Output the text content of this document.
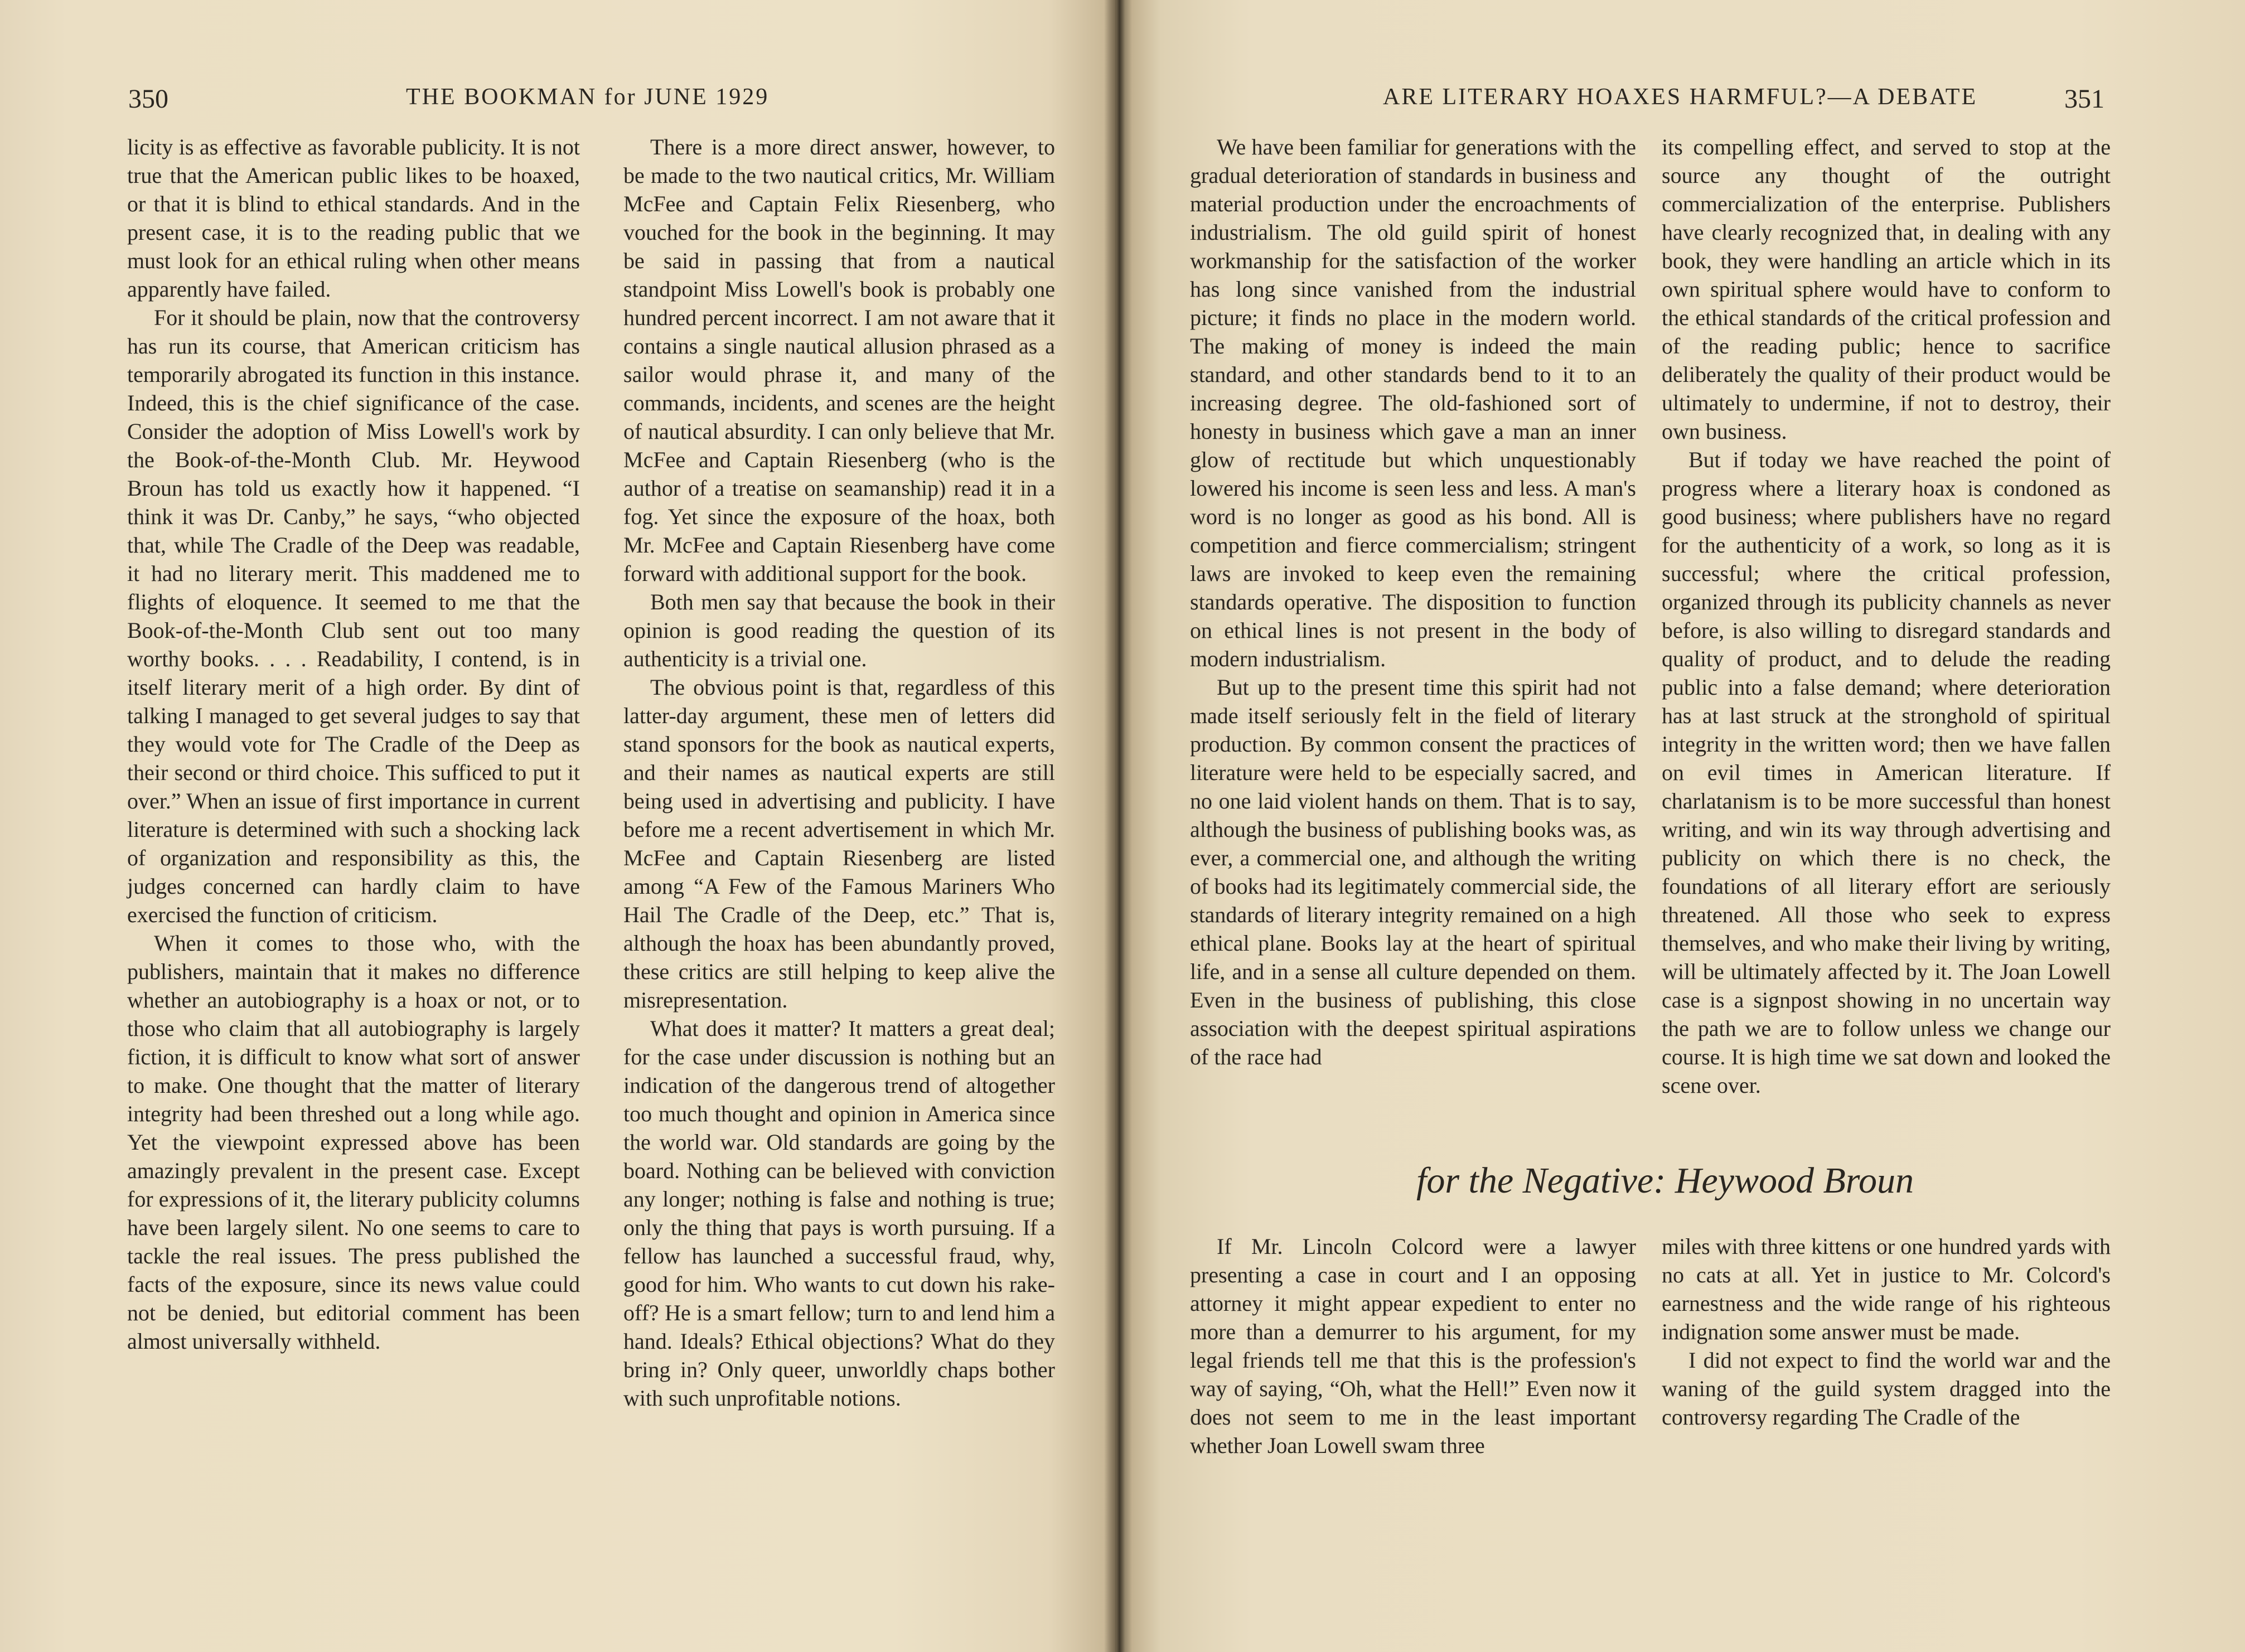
350	THE BOOKMAN for JUNE 1929

licity is as effective as favorable publicity. It is not true that the American public likes to be hoaxed, or that it is blind to ethical standards. And in the present case, it is to the reading public that we must look for an ethical ruling when other means apparently have failed.

For it should be plain, now that the controversy has run its course, that American criticism has temporarily abrogated its function in this instance. Indeed, this is the chief significance of the case. Consider the adoption of Miss Lowell's work by the Book-of-the-Month Club. Mr. Heywood Broun has told us exactly how it happened. “I think it was Dr. Canby,” he says, “who objected that, while The Cradle of the Deep was readable, it had no literary merit. This maddened me to flights of eloquence. It seemed to me that the Book-of-the-Month Club sent out too many worthy books. . . . Readability, I contend, is in itself literary merit of a high order. By dint of talking I managed to get several judges to say that they would vote for The Cradle of the Deep as their second or third choice. This sufficed to put it over.” When an issue of first importance in current literature is determined with such a shocking lack of organization and responsibility as this, the judges concerned can hardly claim to have exercised the function of criticism.

When it comes to those who, with the publishers, maintain that it makes no difference whether an autobiography is a hoax or not, or to those who claim that all autobiography is largely fiction, it is difficult to know what sort of answer to make. One thought that the matter of literary integrity had been threshed out a long while ago. Yet the viewpoint expressed above has been amazingly prevalent in the present case. Except for expressions of it, the literary publicity columns have been largely silent. No one seems to care to tackle the real issues. The press published the facts of the exposure, since its news value could not be denied, but editorial comment has been almost universally withheld.

There is a more direct answer, however, to be made to the two nautical critics, Mr. William McFee and Captain Felix Riesenberg, who vouched for the book in the beginning. It may be said in passing that from a nautical standpoint Miss Lowell's book is probably one hundred percent incorrect. I am not aware that it contains a single nautical allusion phrased as a sailor would phrase it, and many of the commands, incidents, and scenes are the height of nautical absurdity. I can only believe that Mr. McFee and Captain Riesenberg (who is the author of a treatise on seamanship) read it in a fog. Yet since the exposure of the hoax, both Mr. McFee and Captain Riesenberg have come forward with additional support for the book.

Both men say that because the book in their opinion is good reading the question of its authenticity is a trivial one.

The obvious point is that, regardless of this latter-day argument, these men of letters did stand sponsors for the book as nautical experts, and their names as nautical experts are still being used in advertising and publicity. I have before me a recent advertisement in which Mr. McFee and Captain Riesenberg are listed among “A Few of the Famous Mariners Who Hail The Cradle of the Deep, etc.” That is, although the hoax has been abundantly proved, these critics are still helping to keep alive the misrepresentation.

What does it matter? It matters a great deal; for the case under discussion is nothing but an indication of the dangerous trend of altogether too much thought and opinion in America since the world war. Old standards are going by the board. Nothing can be believed with conviction any longer; nothing is false and nothing is true; only the thing that pays is worth pursuing. If a fellow has launched a successful fraud, why, good for him. Who wants to cut down his rake-off? He is a smart fellow; turn to and lend him a hand. Ideals? Ethical objections? What do they bring in? Only queer, unworldly chaps bother with such unprofitable notions.

ARE LITERARY HOAXES HARMFUL?—A DEBATE	351

We have been familiar for generations with the gradual deterioration of standards in business and material production under the encroachments of industrialism. The old guild spirit of honest workmanship for the satisfaction of the worker has long since vanished from the industrial picture; it finds no place in the modern world. The making of money is indeed the main standard, and other standards bend to it to an increasing degree. The old-fashioned sort of honesty in business which gave a man an inner glow of rectitude but which unquestionably lowered his income is seen less and less. A man's word is no longer as good as his bond. All is competition and fierce commercialism; stringent laws are invoked to keep even the remaining standards operative. The disposition to function on ethical lines is not present in the body of modern industrialism.

But up to the present time this spirit had not made itself seriously felt in the field of literary production. By common consent the practices of literature were held to be especially sacred, and no one laid violent hands on them. That is to say, although the business of publishing books was, as ever, a commercial one, and although the writing of books had its legitimately commercial side, the standards of literary integrity remained on a high ethical plane. Books lay at the heart of spiritual life, and in a sense all culture depended on them. Even in the business of publishing, this close association with the deepest spiritual aspirations of the race had

its compelling effect, and served to stop at the source any thought of the outright commercialization of the enterprise. Publishers have clearly recognized that, in dealing with any book, they were handling an article which in its own spiritual sphere would have to conform to the ethical standards of the critical profession and of the reading public; hence to sacrifice deliberately the quality of their product would be ultimately to undermine, if not to destroy, their own business.

But if today we have reached the point of progress where a literary hoax is condoned as good business; where publishers have no regard for the authenticity of a work, so long as it is successful; where the critical profession, organized through its publicity channels as never before, is also willing to disregard standards and quality of product, and to delude the reading public into a false demand; where deterioration has at last struck at the stronghold of spiritual integrity in the written word; then we have fallen on evil times in American literature. If charlatanism is to be more successful than honest writing, and win its way through advertising and publicity on which there is no check, the foundations of all literary effort are seriously threatened. All those who seek to express themselves, and who make their living by writing, will be ultimately affected by it. The Joan Lowell case is a signpost showing in no uncertain way the path we are to follow unless we change our course. It is high time we sat down and looked the scene over.

If Mr. Lincoln Colcord were a lawyer presenting a case in court and I an opposing attorney it might appear expedient to enter no more than a demurrer to his argument, for my legal friends tell me that this is the profession's way of saying, “Oh, what the Hell!” Even now it does not seem to me in the least important whether Joan Lowell swam three

miles with three kittens or one hundred yards with no cats at all. Yet in justice to Mr. Colcord's earnestness and the wide range of his righteous indignation some answer must be made.

I did not expect to find the world war and the waning of the guild system dragged into the controversy regarding The Cradle of the

for the Negative: Heywood Broun
